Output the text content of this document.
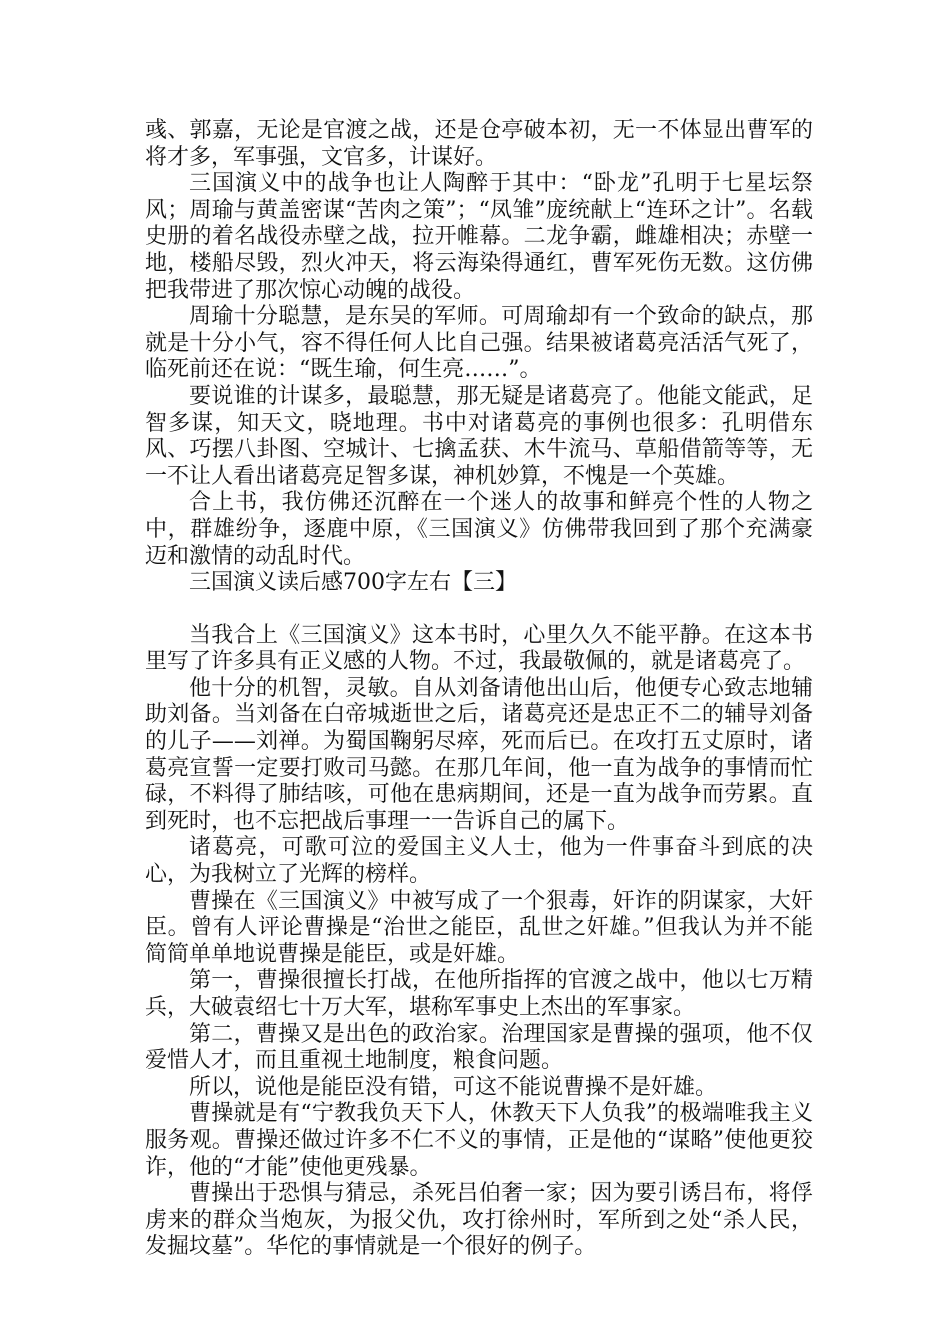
彧、郭嘉，无论是官渡之战，还是仓亭破本初，无一不体显出曹军的将才多，军事强，文官多，计谋好。

三国演义中的战争也让人陶醉于其中：“卧龙”孔明于七星坛祭风；周瑜与黄盖密谋“苦肉之策”；“凤雏”庞统献上“连环之计”。名载史册的着名战役赤壁之战，拉开帷幕。二龙争霸，雌雄相决；赤壁一地，楼船尽毁，烈火冲天，将云海染得通红，曹军死伤无数。这仿佛把我带进了那次惊心动魄的战役。

周瑜十分聪慧，是东吴的军师。可周瑜却有一个致命的缺点，那就是十分小气，容不得任何人比自己强。结果被诸葛亮活活气死了，临死前还在说：“既生瑜，何生亮……”。

要说谁的计谋多，最聪慧，那无疑是诸葛亮了。他能文能武，足智多谋，知天文，晓地理。书中对诸葛亮的事例也很多：孔明借东风、巧摆八卦图、空城计、七擒孟获、木牛流马、草船借箭等等，无一不让人看出诸葛亮足智多谋，神机妙算，不愧是一个英雄。

合上书，我仿佛还沉醉在一个迷人的故事和鲜亮个性的人物之中，群雄纷争，逐鹿中原，《三国演义》仿佛带我回到了那个充满豪迈和激情的动乱时代。

三国演义读后感700字左右【三】

当我合上《三国演义》这本书时，心里久久不能平静。在这本书里写了许多具有正义感的人物。不过，我最敬佩的，就是诸葛亮了。

他十分的机智，灵敏。自从刘备请他出山后，他便专心致志地辅助刘备。当刘备在白帝城逝世之后，诸葛亮还是忠正不二的辅导刘备的儿子——刘禅。为蜀国鞠躬尽瘁，死而后已。在攻打五丈原时，诸葛亮宣誓一定要打败司马懿。在那几年间，他一直为战争的事情而忙碌，不料得了肺结咳，可他在患病期间，还是一直为战争而劳累。直到死时，也不忘把战后事理一一告诉自己的属下。

诸葛亮，可歌可泣的爱国主义人士，他为一件事奋斗到底的决心，为我树立了光辉的榜样。

曹操在《三国演义》中被写成了一个狠毒，奸诈的阴谋家，大奸臣。曾有人评论曹操是“治世之能臣，乱世之奸雄。”但我认为并不能简简单单地说曹操是能臣，或是奸雄。

第一，曹操很擅长打战，在他所指挥的官渡之战中，他以七万精兵，大破袁绍七十万大军，堪称军事史上杰出的军事家。

第二，曹操又是出色的政治家。治理国家是曹操的强项，他不仅爱惜人才，而且重视土地制度，粮食问题。

所以，说他是能臣没有错，可这不能说曹操不是奸雄。

曹操就是有“宁教我负天下人，休教天下人负我”的极端唯我主义服务观。曹操还做过许多不仁不义的事情，正是他的“谋略”使他更狡诈，他的“才能”使他更残暴。

曹操出于恐惧与猜忌，杀死吕伯奢一家；因为要引诱吕布，将俘虏来的群众当炮灰，为报父仇，攻打徐州时，军所到之处“杀人民，发掘坟墓”。华佗的事情就是一个很好的例子。
